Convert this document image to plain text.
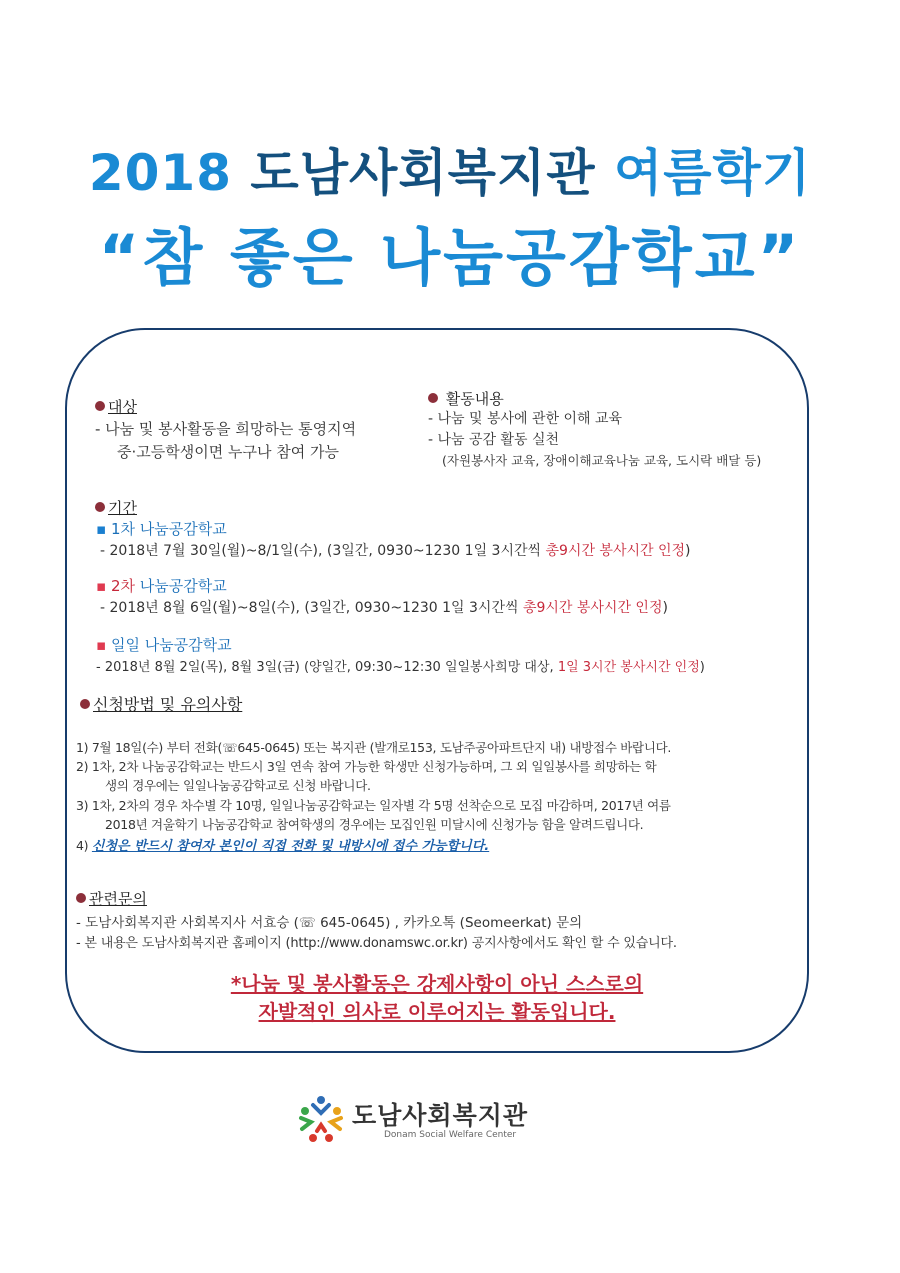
2018 도남사회복지관 여름학기
“참 좋은 나눔공감학교”
대상
- 나눔 및 봉사활동을 희망하는 통영지역
중·고등학생이면 누구나 참여 가능
활동내용
- 나눔 및 봉사에 관한 이해 교육
- 나눔 공감 활동 실천
(자원봉사자 교육, 장애이해교육나눔 교육, 도시락 배달 등)
기간
▪ 1차 나눔공감학교
- 2018년 7월 30일(월)~8/1일(수), (3일간, 0930~1230 1일 3시간씩 총9시간 봉사시간 인정)
▪ 2차 나눔공감학교
- 2018년 8월 6일(월)~8일(수), (3일간, 0930~1230 1일 3시간씩 총9시간 봉사시간 인정)
▪ 일일 나눔공감학교
- 2018년 8월 2일(목), 8월 3일(금) (양일간, 09:30~12:30 일일봉사희망 대상, 1일 3시간 봉사시간 인정)
신청방법 및 유의사항
1) 7월 18일(수) 부터 전화(☏645-0645) 또는 복지관 (발개로153, 도남주공아파트단지 내) 내방접수 바랍니다.
2) 1차, 2차 나눔공감학교는 반드시 3일 연속 참여 가능한 학생만 신청가능하며, 그 외 일일봉사를 희망하는 학
생의 경우에는 일일나눔공감학교로 신청 바랍니다.
3) 1차, 2차의 경우 차수별 각 10명, 일일나눔공감학교는 일자별 각 5명 선착순으로 모집 마감하며, 2017년 여름
2018년 겨울학기 나눔공감학교 참여학생의 경우에는 모집인원 미달시에 신청가능 함을 알려드립니다.
4) 신청은 반드시 참여자 본인이 직접 전화 및 내방시에 접수 가능합니다.
관련문의
- 도남사회복지관 사회복지사 서효승 (☏ 645-0645) , 카카오톡 (Seomeerkat) 문의
- 본 내용은 도남사회복지관 홈페이지 (http://www.donamswc.or.kr) 공지사항에서도 확인 할 수 있습니다.
*나눔 및 봉사활동은 강제사항이 아닌 스스로의
자발적인 의사로 이루어지는 활동입니다.
도남사회복지관
Donam Social Welfare Center
